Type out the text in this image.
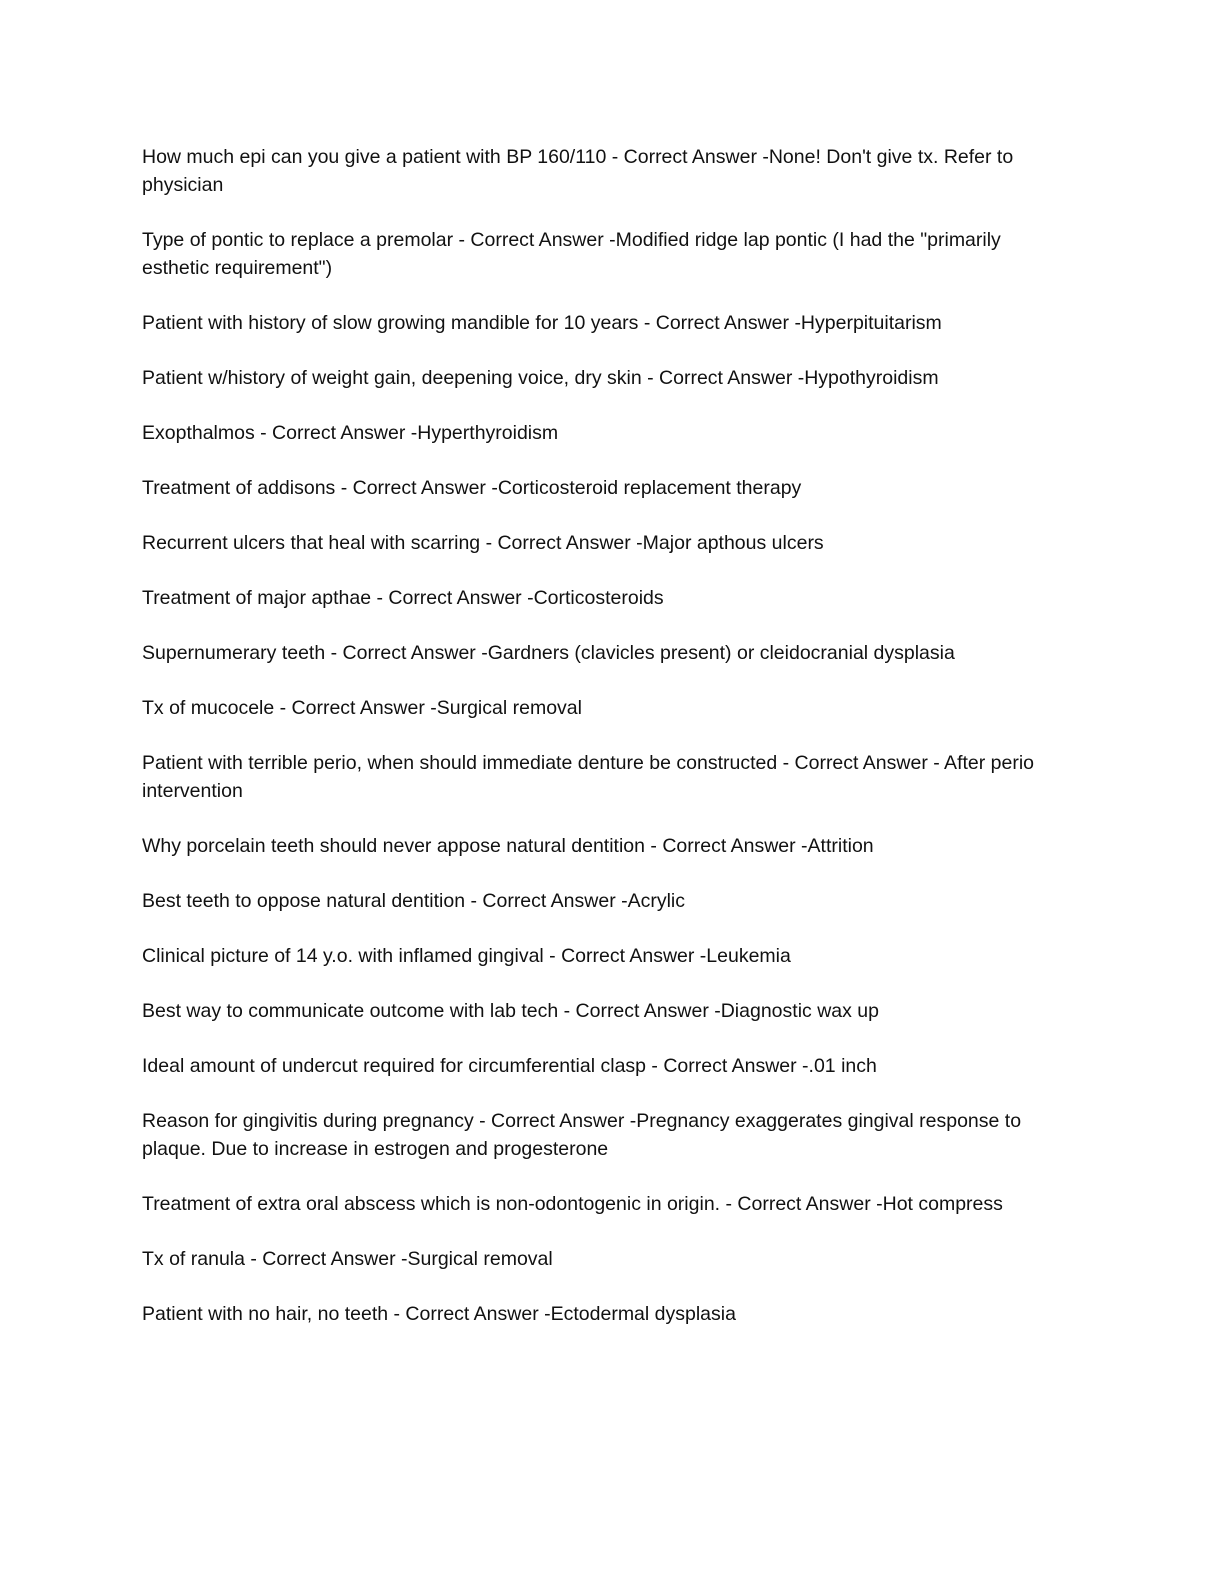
How much epi can you give a patient with BP 160/110 - Correct Answer -None! Don't give tx. Refer to physician

Type of pontic to replace a premolar - Correct Answer -Modified ridge lap pontic (I had the "primarily esthetic requirement")

Patient with history of slow growing mandible for 10 years - Correct Answer -Hyperpituitarism

Patient w/history of weight gain, deepening voice, dry skin - Correct Answer -Hypothyroidism

Exopthalmos - Correct Answer -Hyperthyroidism

Treatment of addisons - Correct Answer -Corticosteroid replacement therapy

Recurrent ulcers that heal with scarring - Correct Answer -Major apthous ulcers

Treatment of major apthae - Correct Answer -Corticosteroids

Supernumerary teeth - Correct Answer -Gardners (clavicles present) or cleidocranial dysplasia

Tx of mucocele - Correct Answer -Surgical removal

Patient with terrible perio, when should immediate denture be constructed - Correct Answer - After perio intervention

Why porcelain teeth should never appose natural dentition - Correct Answer -Attrition

Best teeth to oppose natural dentition - Correct Answer -Acrylic

Clinical picture of 14 y.o. with inflamed gingival - Correct Answer -Leukemia

Best way to communicate outcome with lab tech - Correct Answer -Diagnostic wax up

Ideal amount of undercut required for circumferential clasp - Correct Answer -.01 inch

Reason for gingivitis during pregnancy - Correct Answer -Pregnancy exaggerates gingival response to plaque. Due to increase in estrogen and progesterone

Treatment of extra oral abscess which is non-odontogenic in origin. - Correct Answer -Hot compress

Tx of ranula - Correct Answer -Surgical removal

Patient with no hair, no teeth - Correct Answer -Ectodermal dysplasia
